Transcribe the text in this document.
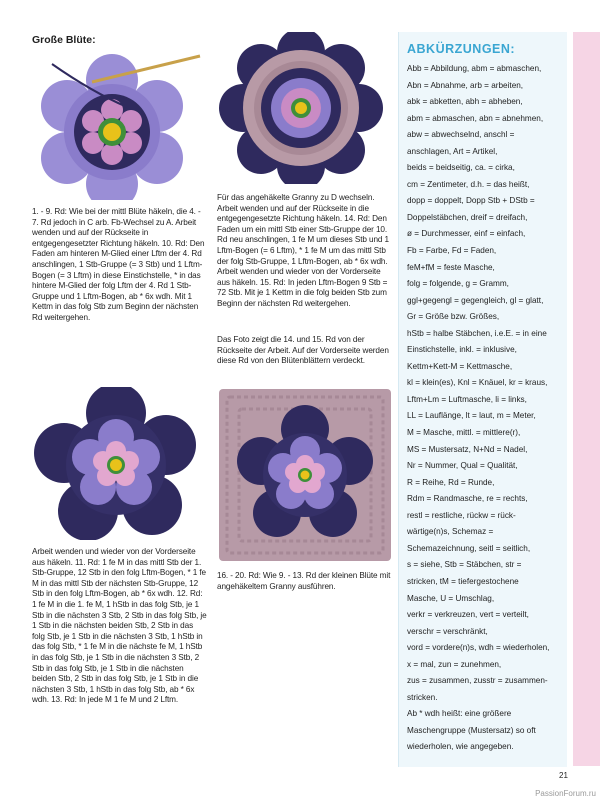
Große Blüte:
1. - 9. Rd: Wie bei der mittl Blüte häkeln, die 4. - 7. Rd jedoch in C arb. Fb-Wechsel zu A. Arbeit wenden und auf der Rückseite in entgegengesetzter Richtung häkeln. 10. Rd: Den Faden am hinteren M-Glied einer Lftm der 4. Rd anschlingen, 1 Stb-Gruppe (= 3 Stb) und 1 Lftm-Bogen (= 3 Lftm) in diese Einstichstelle, * in das hintere M-Glied der folg Lftm der 4. Rd 1 Stb-Gruppe und 1 Lftm-Bogen, ab * 6x wdh. Mit 1 Kettm in das folg Stb zum Beginn der nächsten Rd weitergehen.
Arbeit wenden und wieder von der Vorderseite aus häkeln. 11. Rd: 1 fe M in das mittl Stb der 1. Stb-Gruppe, 12 Stb in den folg Lftm-Bogen, * 1 fe M in das mittl Stb der nächsten Stb-Gruppe, 12 Stb in den folg Lftm-Bogen, ab * 6x wdh. 12. Rd: 1 fe M in die 1. fe M, 1 hStb in das folg Stb, je 1 Stb in die nächsten 3 Stb, 2 Stb in das folg Stb, je 1 Stb in die nächsten beiden Stb, 2 Stb in das folg Stb, je 1 Stb in die nächsten 3 Stb, 1 hStb in das folg Stb, * 1 fe M in die nächste fe M, 1 hStb in das folg Stb, je 1 Stb in die nächsten 3 Stb, 2 Stb in das folg Stb, je 1 Stb in die nächsten beiden Stb, 2 Stb in das folg Stb, je 1 Stb in die nächsten 3 Stb, 1 hStb in das folg Stb, ab * 6x wdh. 13. Rd: In jede M 1 fe M und 2 Lftm.
Für das angehäkelte Granny zu D wechseln. Arbeit wenden und auf der Rückseite in die entgegengesetzte Richtung häkeln. 14. Rd: Den Faden um ein mittl Stb einer Stb-Gruppe der 10. Rd neu anschlingen, 1 fe M um dieses Stb und 1 Lftm-Bogen (= 6 Lftm), * 1 fe M um das mittl Stb der folg Stb-Gruppe, 1 Lftm-Bogen, ab * 6x wdh. Arbeit wenden und wieder von der Vorderseite aus häkeln. 15. Rd: In jeden Lftm-Bogen 9 Stb = 72 Stb. Mit je 1 Kettm in die folg beiden Stb zum Beginn der nächsten Rd weitergehen.
Das Foto zeigt die 14. und 15. Rd von der Rückseite der Arbeit. Auf der Vorderseite werden diese Rd von den Blütenblättern verdeckt.
16. - 20. Rd: Wie 9. - 13. Rd der kleinen Blüte mit angehäkeltem Granny ausführen.
ABKÜRZUNGEN:
Abb = Abbildung, abm = abmaschen,
Abn = Abnahme, arb = arbeiten,
abk = abketten, abh = abheben,
abm = abmaschen, abn = abnehmen,
abw = abwechselnd, anschl =
anschlagen, Art = Artikel,
beids = beidseitig, ca. = cirka,
cm = Zentimeter, d.h. = das heißt,
dopp = doppelt, Dopp Stb + DStb =
Doppelstäbchen, dreif = dreifach,
ø = Durchmesser, einf = einfach,
Fb = Farbe, Fd = Faden,
feM+fM = feste Masche,
folg = folgende, g = Gramm,
ggl+gegengl = gegengleich, gl = glatt,
Gr = Größe bzw. Größes,
hStb = halbe Stäbchen, i.e.E. = in eine
Einstichstelle, inkl. = inklusive,
Kettm+Kett-M = Kettmasche,
kl = klein(es), Knl = Knäuel, kr = kraus,
Lftm+Lm = Luftmasche, li = links,
LL = Lauflänge, lt = laut, m = Meter,
M = Masche, mittl. = mittlere(r),
MS = Mustersatz, N+Nd = Nadel,
Nr = Nummer, Qual = Qualität,
R = Reihe, Rd = Runde,
Rdm = Randmasche, re = rechts,
restl = restliche, rückw = rück-
wärtige(n)s, Schemaz =
Schemazeichnung, seitl = seitlich,
s = siehe, Stb = Stäbchen, str =
stricken, tM = tiefergestochene
Masche, U = Umschlag,
verkr = verkreuzen, vert = verteilt,
verschr = verschränkt,
vord = vordere(n)s, wdh = wiederholen,
x = mal, zun = zunehmen,
zus = zusammen, zusstr = zusammen-
stricken.
Ab * wdh heißt: eine größere
Maschengruppe (Mustersatz) so oft
wiederholen, wie angegeben.
21
PassionForum.ru
